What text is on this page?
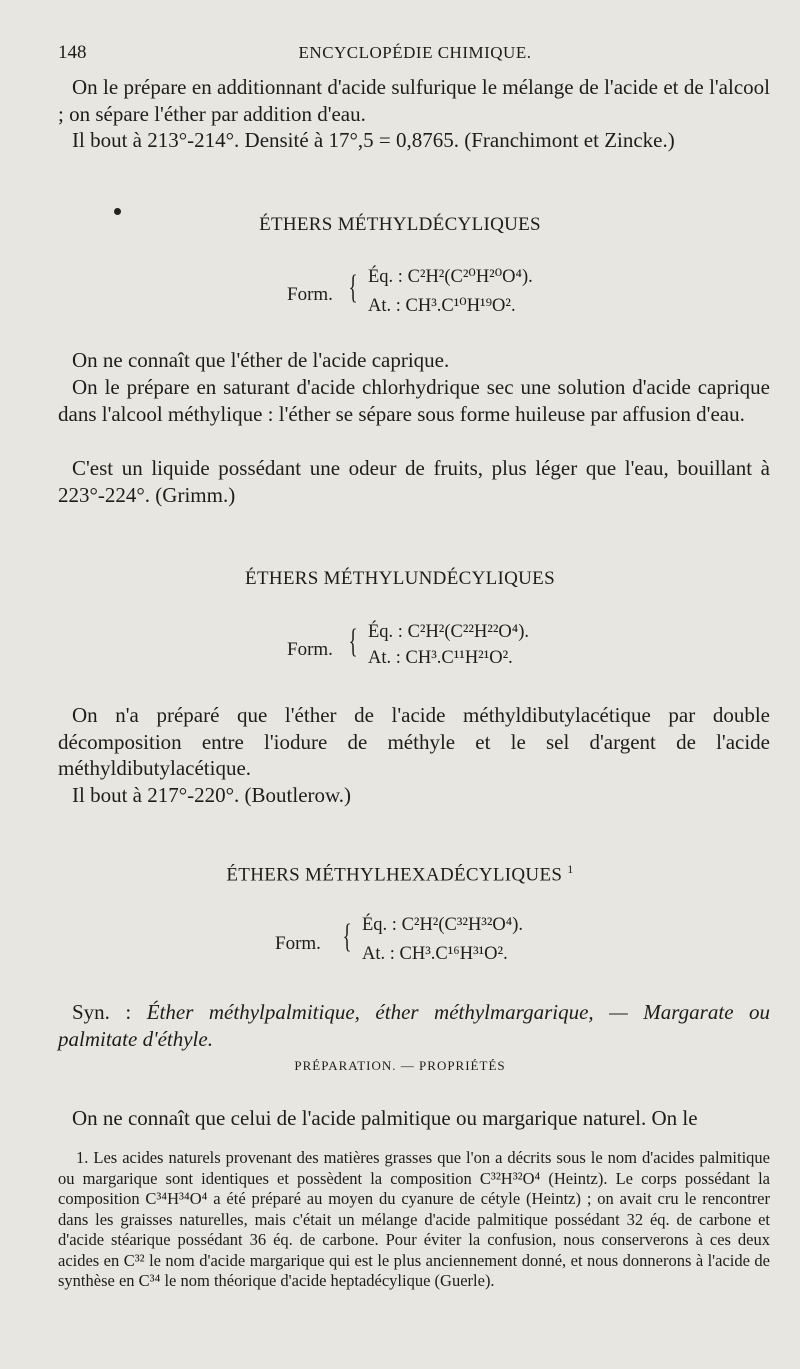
148	ENCYCLOPÉDIE CHIMIQUE.

On le prépare en additionnant d'acide sulfurique le mélange de l'acide et de l'alcool ; on sépare l'éther par addition d'eau.

Il bout à 213°-214°. Densité à 17°,5 = 0,8765. (Franchimont et Zincke.)

ÉTHERS MÉTHYLDÉCYLIQUES
Form. { Éq. : C²H²(C²⁰H²⁰O⁴).
At. : CH³.C¹⁰H¹⁹O².

On ne connaît que l'éther de l'acide caprique.

On le prépare en saturant d'acide chlorhydrique sec une solution d'acide caprique dans l'alcool méthylique : l'éther se sépare sous forme huileuse par affusion d'eau.

C'est un liquide possédant une odeur de fruits, plus léger que l'eau, bouillant à 223°-224°. (Grimm.)

ÉTHERS MÉTHYLUNDÉCYLIQUES
Form. { Éq. : C²H²(C²²H²²O⁴).
At. : CH³.C¹¹H²¹O².

On n'a préparé que l'éther de l'acide méthyldibutylacétique par double décomposition entre l'iodure de méthyle et le sel d'argent de l'acide méthyldibutylacétique.

Il bout à 217°-220°. (Boutlerow.)

ÉTHERS MÉTHYLHEXADÉCYLIQUES $^1$
Form. { Éq. : C²H²(C³²H³²O⁴).
At. : CH³.C¹⁶H³¹O².

Syn. : Éther méthylpalmitique, éther méthylmargarique, — Margarate ou palmitate d'éthyle.

PRÉPARATION. — PROPRIÉTÉS

On ne connaît que celui de l'acide palmitique ou margarique naturel. On le

1. Les acides naturels provenant des matières grasses que l'on a décrits sous le nom d'acides palmitique ou margarique sont identiques et possèdent la composition C³²H³²O⁴ (Heintz). Le corps possédant la composition C³⁴H³⁴O⁴ a été préparé au moyen du cyanure de cétyle (Heintz) ; on avait cru le rencontrer dans les graisses naturelles, mais c'était un mélange d'acide palmitique possédant 32 éq. de carbone et d'acide stéarique possédant 36 éq. de carbone. Pour éviter la confusion, nous conserverons à ces deux acides en C³² le nom d'acide margarique qui est le plus anciennement donné, et nous donnerons à l'acide de synthèse en C³⁴ le nom théorique d'acide heptadécylique (Guerle).
